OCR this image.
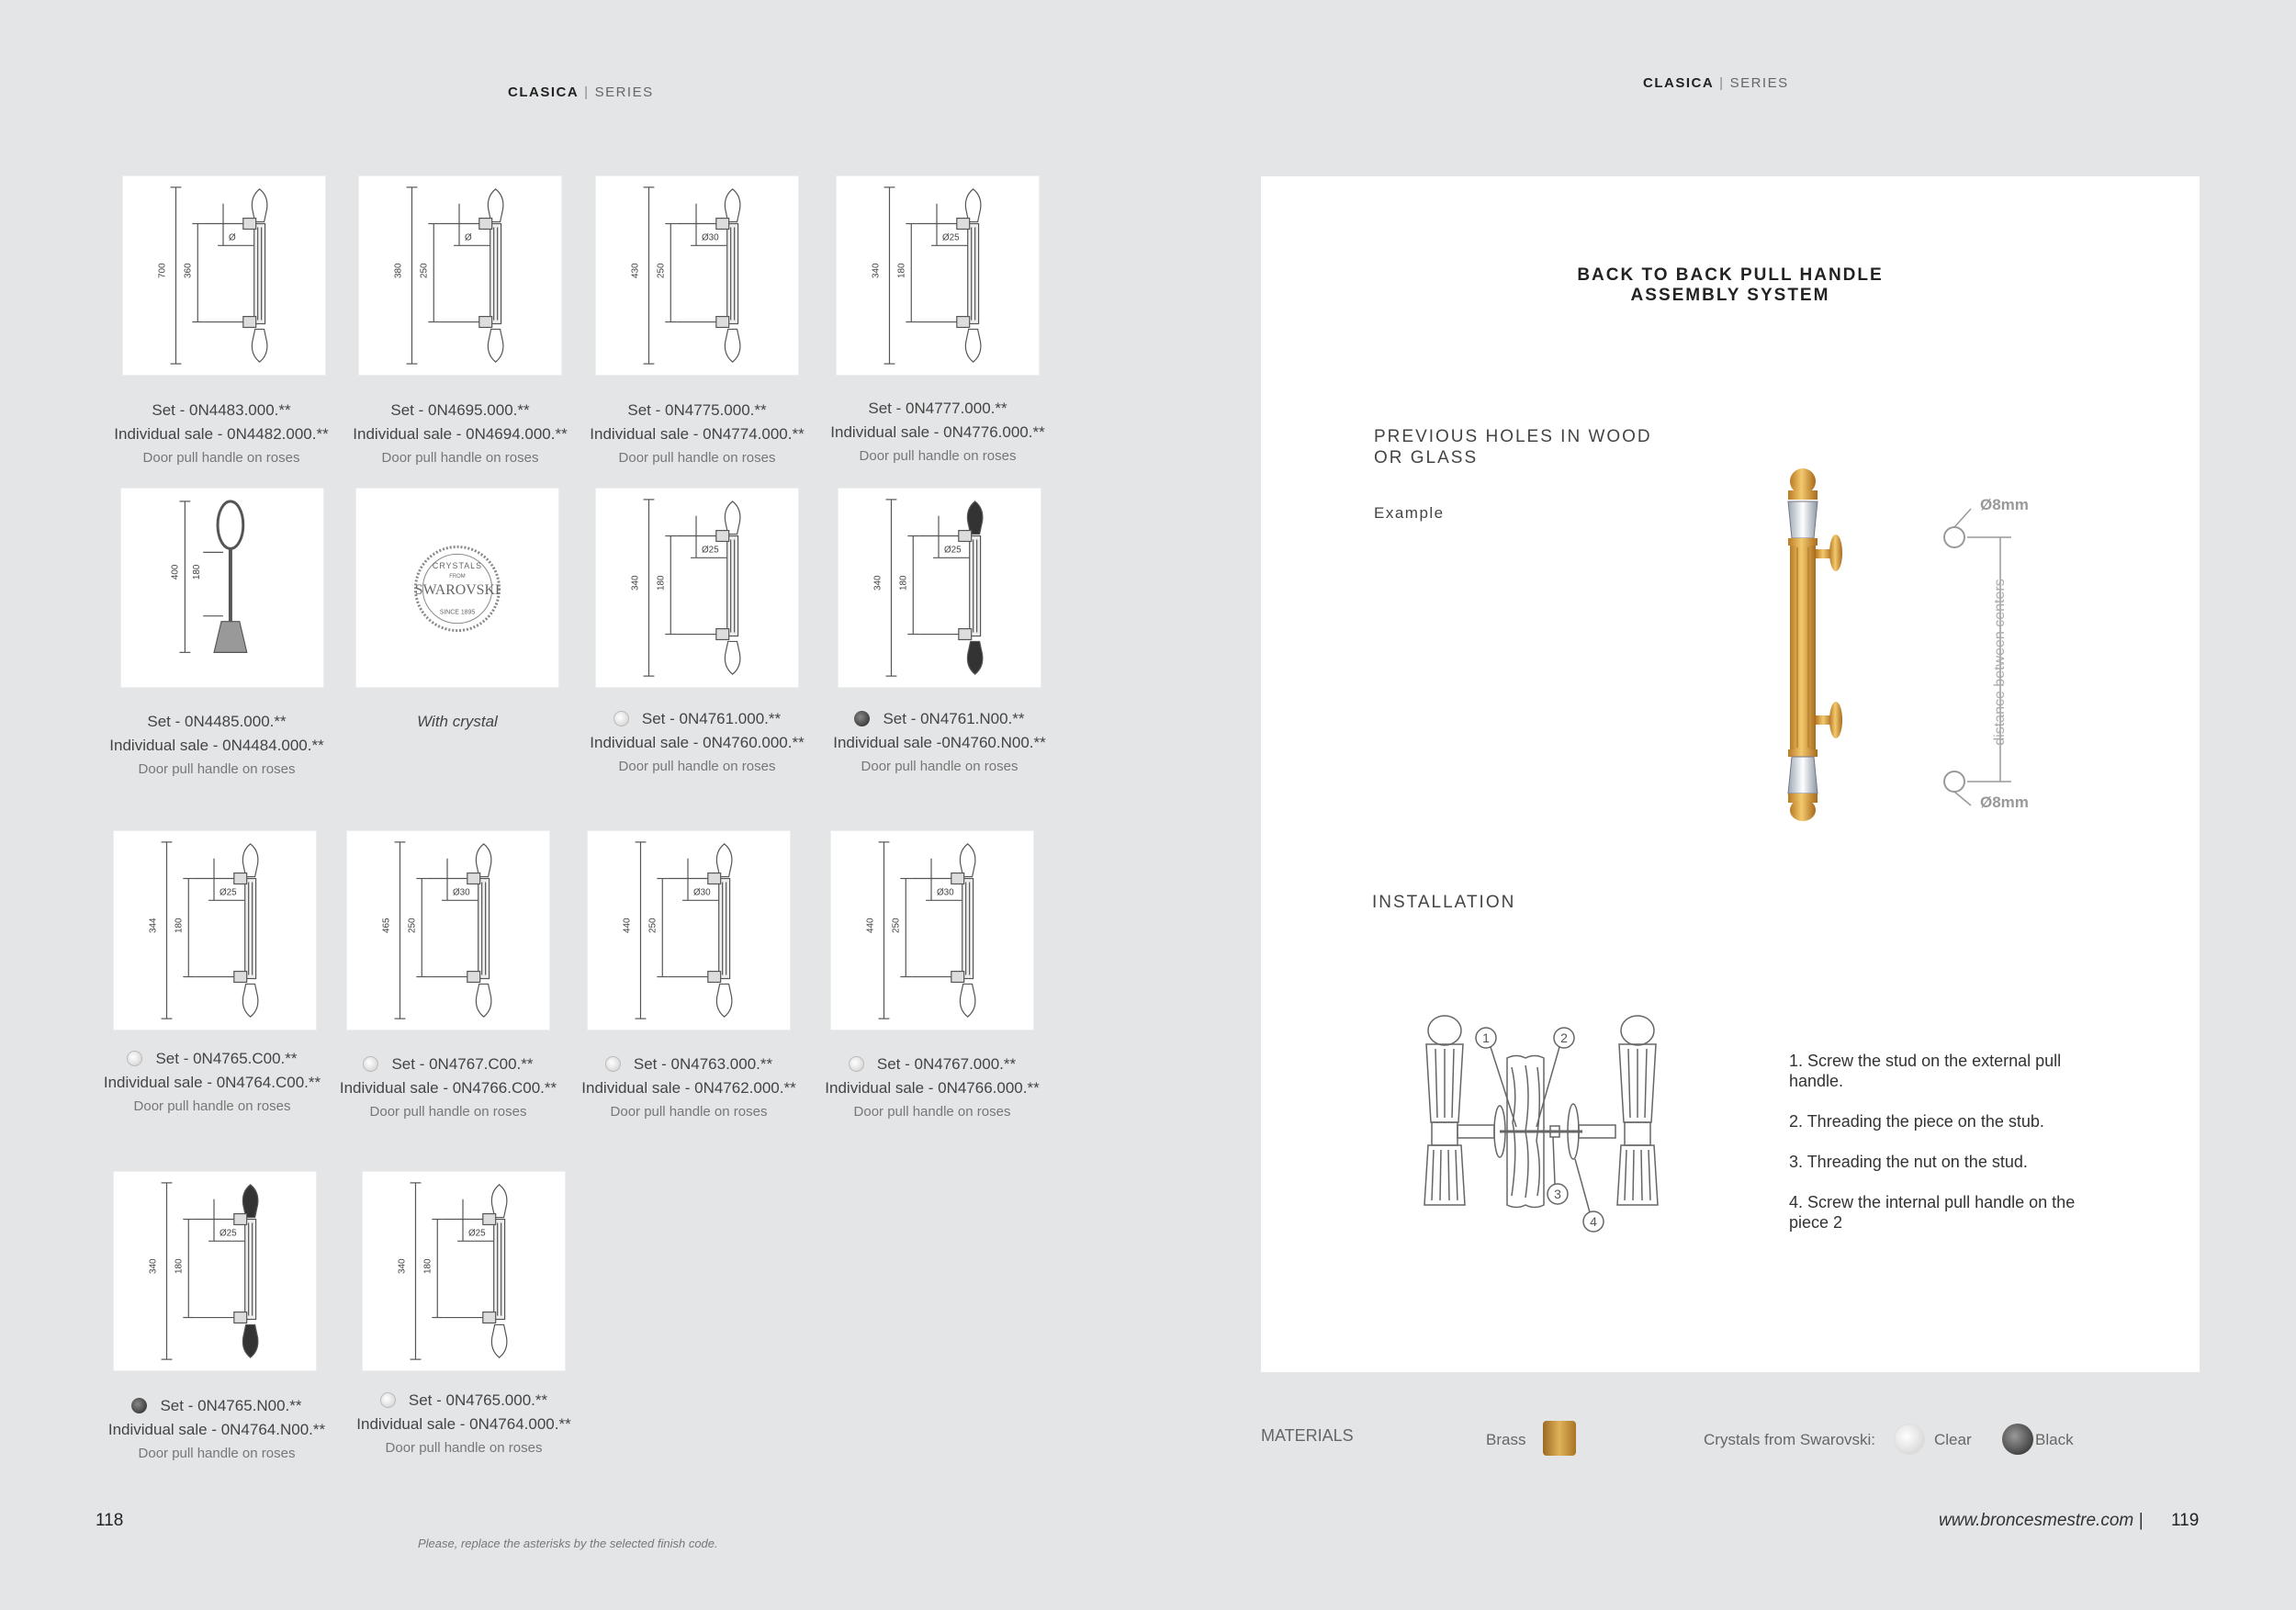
CLASICA | SERIES
CLASICA | SERIES
700 360
Ø
Set - 0N4483.000.**
Individual sale - 0N4482.000.**
Door pull handle on roses
380 250
Ø
Set - 0N4695.000.**
Individual sale - 0N4694.000.**
Door pull handle on roses
430 250
Ø30
Set - 0N4775.000.**
Individual sale - 0N4774.000.**
Door pull handle on roses
340 180
Ø25
Set - 0N4777.000.**
Individual sale - 0N4776.000.**
Door pull handle on roses
400 180
Set - 0N4485.000.**
Individual sale - 0N4484.000.**
Door pull handle on roses
CRYSTALS
FROM
SWAROVSKI
SINCE 1895
With crystal
340 180
Ø25
Set - 0N4761.000.**
Individual sale - 0N4760.000.**
Door pull handle on roses
340 180
Ø25
Set - 0N4761.N00.**
Individual sale -0N4760.N00.**
Door pull handle on roses
344 180
Ø25
Set - 0N4765.C00.**
Individual sale - 0N4764.C00.**
Door pull handle on roses
465 250
Ø30
Set - 0N4767.C00.**
Individual sale - 0N4766.C00.**
Door pull handle on roses
440 250
Ø30
Set - 0N4763.000.**
Individual sale - 0N4762.000.**
Door pull handle on roses
440 250
Ø30
Set - 0N4767.000.**
Individual sale - 0N4766.000.**
Door pull handle on roses
340 180
Ø25
Set - 0N4765.N00.**
Individual sale - 0N4764.N00.**
Door pull handle on roses
340 180
Ø25
Set - 0N4765.000.**
Individual sale - 0N4764.000.**
Door pull handle on roses
BACK TO BACK PULL HANDLE
ASSEMBLY SYSTEM
PREVIOUS HOLES IN WOOD
OR GLASS
Example	Ø8mm
Ø8mm
distance between centers
INSTALLATION
1	2
3
4

1. Screw the stud on the external pull handle.

2. Threading the piece on the stub.

3. Threading the nut on the stud.

4. Screw the internal pull handle on the piece 2

MATERIALS	Brass	Crystals from Swarovski:	Clear	Black
118
Please, replace the asterisks by the selected finish code.
www.broncesmestre.com | 119
